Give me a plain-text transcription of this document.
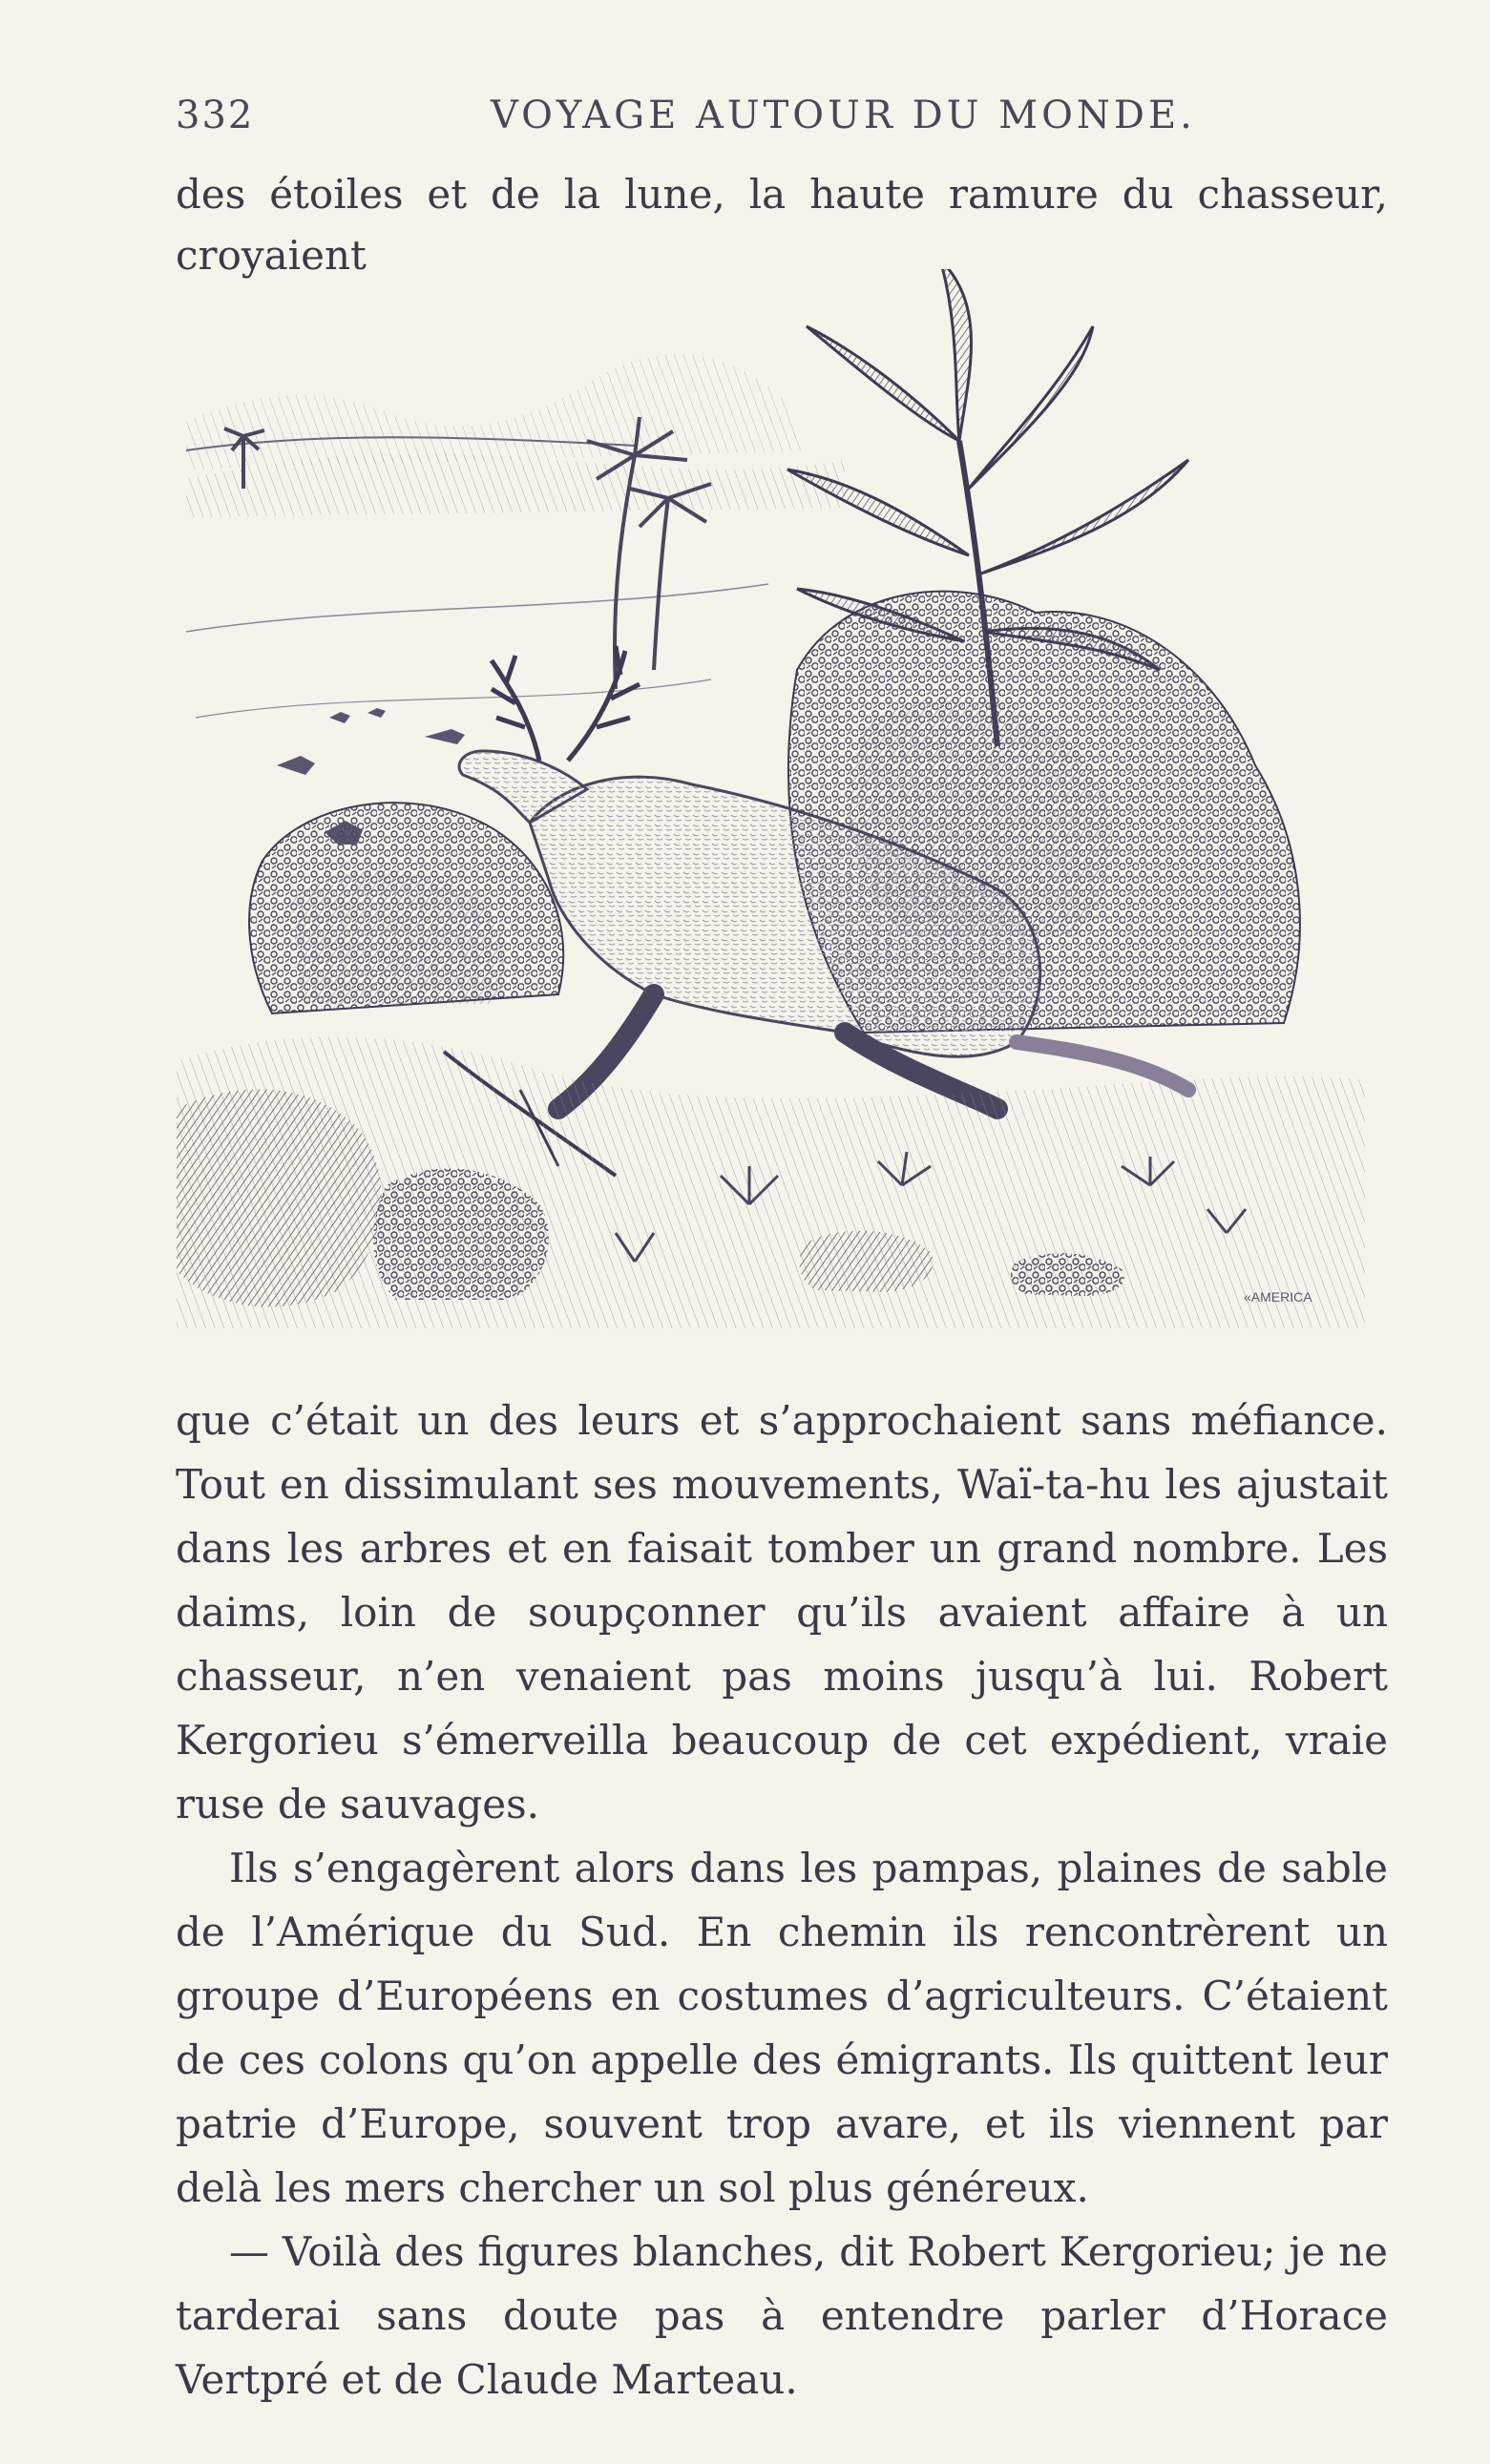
332	VOYAGE AUTOUR DU MONDE.
des étoiles et de la lune, la haute ramure du chasseur, croyaient
«AMERICA

que c’était un des leurs et s’approchaient sans méfiance. Tout en dissimulant ses mouvements, Waï-ta-hu les ajustait dans les arbres et en faisait tomber un grand nombre. Les daims, loin de soupçonner qu’ils avaient affaire à un chasseur, n’en venaient pas moins jusqu’à lui. Robert Kergorieu s’émerveilla beaucoup de cet expédient, vraie ruse de sauvages.

Ils s’engagèrent alors dans les pampas, plaines de sable de l’Amérique du Sud. En chemin ils rencontrèrent un groupe d’Européens en costumes d’agriculteurs. C’étaient de ces colons qu’on appelle des émigrants. Ils quittent leur patrie d’Europe, souvent trop avare, et ils viennent par delà les mers chercher un sol plus généreux.

— Voilà des figures blanches, dit Robert Kergorieu; je ne tarderai sans doute pas à entendre parler d’Horace Vertpré et de Claude Marteau.
